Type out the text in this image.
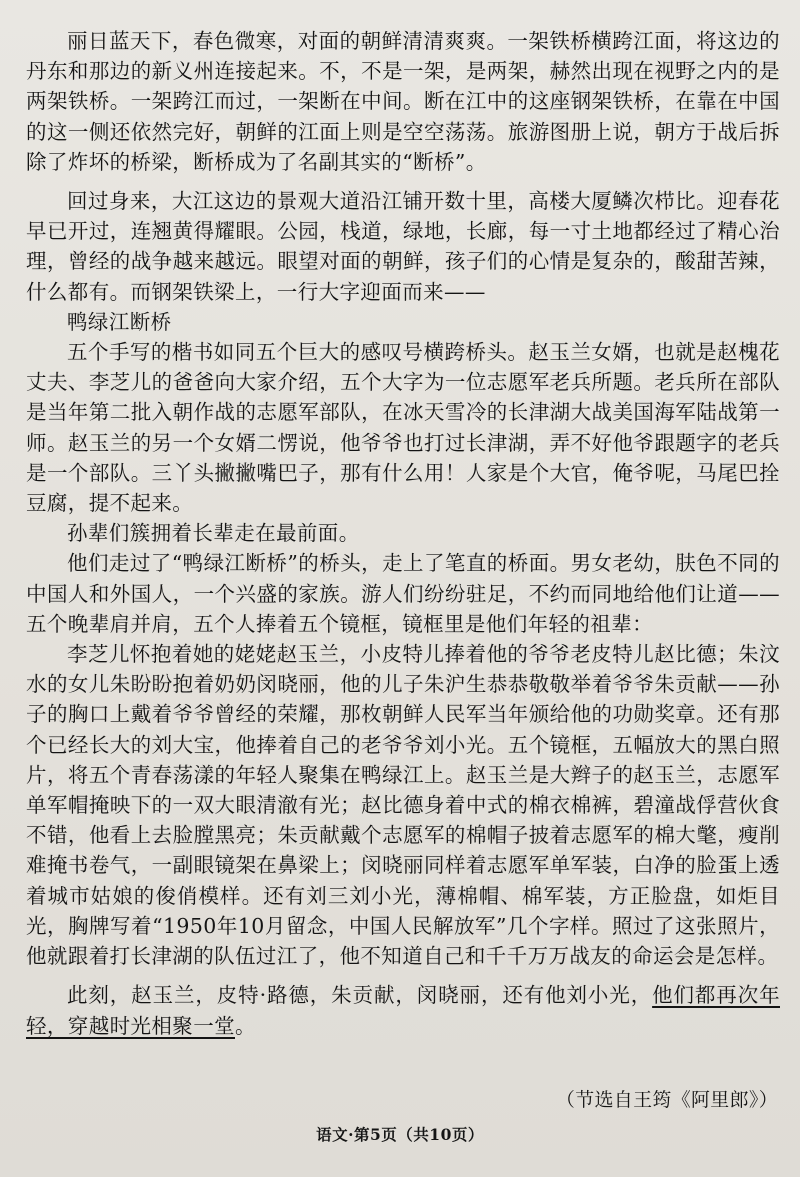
丽日蓝天下，春色微寒，对面的朝鲜清清爽爽。一架铁桥横跨江面，将这边的丹东和那边的新义州连接起来。不，不是一架，是两架，赫然出现在视野之内的是两架铁桥。一架跨江而过，一架断在中间。断在江中的这座钢架铁桥，在靠在中国的这一侧还依然完好，朝鲜的江面上则是空空荡荡。旅游图册上说，朝方于战后拆除了炸坏的桥梁，断桥成为了名副其实的“断桥”。

回过身来，大江这边的景观大道沿江铺开数十里，高楼大厦鳞次栉比。迎春花早已开过，连翘黄得耀眼。公园，栈道，绿地，长廊，每一寸土地都经过了精心治理，曾经的战争越来越远。眼望对面的朝鲜，孩子们的心情是复杂的，酸甜苦辣，什么都有。而钢架铁梁上，一行大字迎面而来——

鸭绿江断桥

五个手写的楷书如同五个巨大的感叹号横跨桥头。赵玉兰女婿，也就是赵槐花丈夫、李芝儿的爸爸向大家介绍，五个大字为一位志愿军老兵所题。老兵所在部队是当年第二批入朝作战的志愿军部队，在冰天雪冷的长津湖大战美国海军陆战第一师。赵玉兰的另一个女婿二愣说，他爷爷也打过长津湖，弄不好他爷跟题字的老兵是一个部队。三丫头撇撇嘴巴子，那有什么用！人家是个大官，俺爷呢，马尾巴拴豆腐，提不起来。

孙辈们簇拥着长辈走在最前面。

他们走过了“鸭绿江断桥”的桥头，走上了笔直的桥面。男女老幼，肤色不同的中国人和外国人，一个兴盛的家族。游人们纷纷驻足，不约而同地给他们让道——五个晚辈肩并肩，五个人捧着五个镜框，镜框里是他们年轻的祖辈：

李芝儿怀抱着她的姥姥赵玉兰，小皮特儿捧着他的爷爷老皮特儿赵比德；朱汶水的女儿朱盼盼抱着奶奶闵晓丽，他的儿子朱沪生恭恭敬敬举着爷爷朱贡献——孙子的胸口上戴着爷爷曾经的荣耀，那枚朝鲜人民军当年颁给他的功勋奖章。还有那个已经长大的刘大宝，他捧着自己的老爷爷刘小光。五个镜框，五幅放大的黑白照片，将五个青春荡漾的年轻人聚集在鸭绿江上。赵玉兰是大辫子的赵玉兰，志愿军单军帽掩映下的一双大眼清澈有光；赵比德身着中式的棉衣棉裤，碧潼战俘营伙食不错，他看上去脸膛黑亮；朱贡献戴个志愿军的棉帽子披着志愿军的棉大氅，瘦削难掩书卷气，一副眼镜架在鼻梁上；闵晓丽同样着志愿军单军装，白净的脸蛋上透着城市姑娘的俊俏模样。还有刘三刘小光，薄棉帽、棉军装，方正脸盘，如炬目光，胸牌写着“1950年10月留念，中国人民解放军”几个字样。照过了这张照片，他就跟着打长津湖的队伍过江了，他不知道自己和千千万万战友的命运会是怎样。

此刻，赵玉兰，皮特·路德，朱贡献，闵晓丽，还有他刘小光，他们都再次年轻，穿越时光相聚一堂。

（节选自王筠《阿里郎》）
语文·第5页（共10页）
